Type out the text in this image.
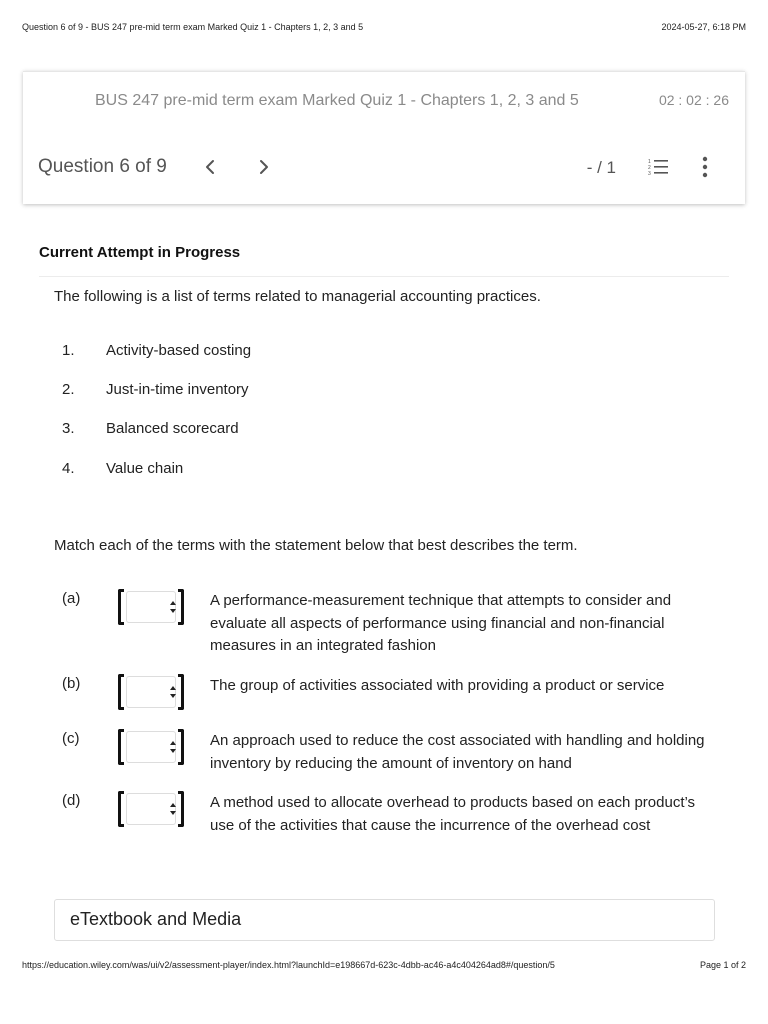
Question 6 of 9 - BUS 247 pre-mid term exam Marked Quiz 1 - Chapters 1, 2, 3 and 5	2024-05-27, 6:18 PM
BUS 247 pre-mid term exam Marked Quiz 1 - Chapters 1, 2, 3 and 5	02 : 02 : 26
Question 6 of 9	- / 1	1
2
3
Current Attempt in Progress
The following is a list of terms related to managerial accounting practices.
1. Activity-based costing
2. Just-in-time inventory
3. Balanced scorecard
4. Value chain
Match each of the terms with the statement below that best describes the term.
(a)	A performance-measurement technique that attempts to consider and evaluate all aspects of performance using financial and non-financial measures in an integrated fashion
(b)	The group of activities associated with providing a product or service
(c)	An approach used to reduce the cost associated with handling and holding inventory by reducing the amount of inventory on hand
(d)	A method used to allocate overhead to products based on each product’s use of the activities that cause the incurrence of the overhead cost
eTextbook and Media
https://education.wiley.com/was/ui/v2/assessment-player/index.html?launchId=e198667d-623c-4dbb-ac46-a4c404264ad8#/question/5	Page 1 of 2
